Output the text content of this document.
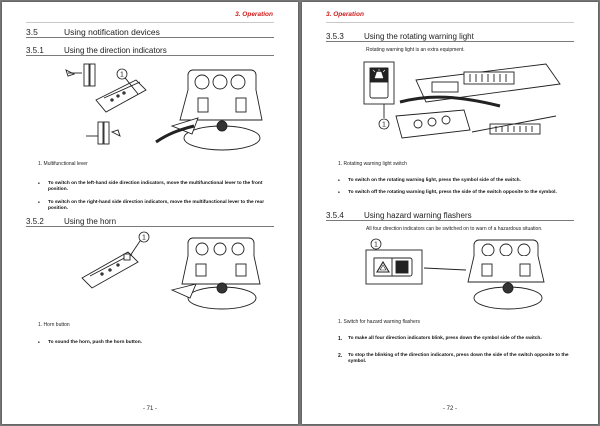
3. Operation
3.5	Using notification devices
3.5.1	Using the direction indicators
1
1. Multifunctional lever
• To switch on the left-hand side direction indicators, move the multifunctional lever to the front position.
• To switch on the right-hand side direction indicators, move the multifunctional lever to the rear position.
3.5.2	Using the horn
1
1. Horn button
• To sound the horn, push the horn button.
- 71 -
3. Operation
3.5.3	Using the rotating warning light
Rotating warning light is an extra equipment.
1
1. Rotating warning light switch
• To switch on the rotating warning light, press the symbol side of the switch.
• To switch off the rotating warning light, press the side of the switch opposite to the symbol.
3.5.4	Using hazard warning flashers
All four direction indicators can be switched on to warn of a hazardous situation.
1
1. Switch for hazard warning flashers
1. To make all four direction indicators blink, press down the symbol side of the switch.
2. To stop the blinking of the direction indicators, press down the side of the switch opposite to the symbol.
- 72 -
